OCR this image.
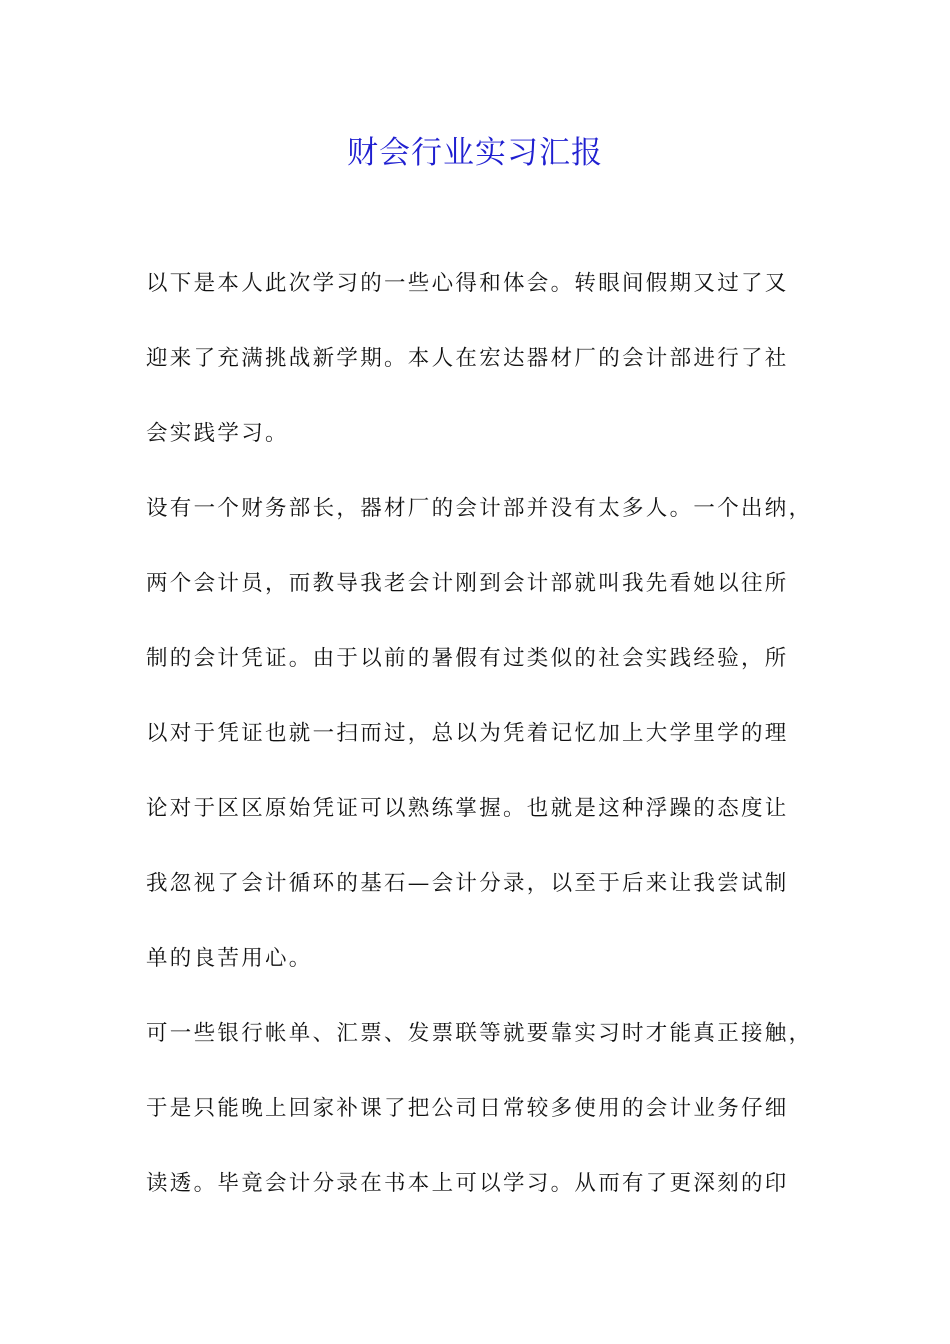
财会行业实习汇报
以下是本人此次学习的一些心得和体会。转眼间假期又过了又
迎来了充满挑战新学期。本人在宏达器材厂的会计部进行了社
会实践学习。
设有一个财务部长，器材厂的会计部并没有太多人。一个出纳，
两个会计员，而教导我老会计刚到会计部就叫我先看她以往所
制的会计凭证。由于以前的暑假有过类似的社会实践经验，所
以对于凭证也就一扫而过，总以为凭着记忆加上大学里学的理
论对于区区原始凭证可以熟练掌握。也就是这种浮躁的态度让
我忽视了会计循环的基石—会计分录，以至于后来让我尝试制
单的良苦用心。
可一些银行帐单、汇票、发票联等就要靠实习时才能真正接触，
于是只能晚上回家补课了把公司日常较多使用的会计业务仔细
读透。毕竟会计分录在书本上可以学习。从而有了更深刻的印
